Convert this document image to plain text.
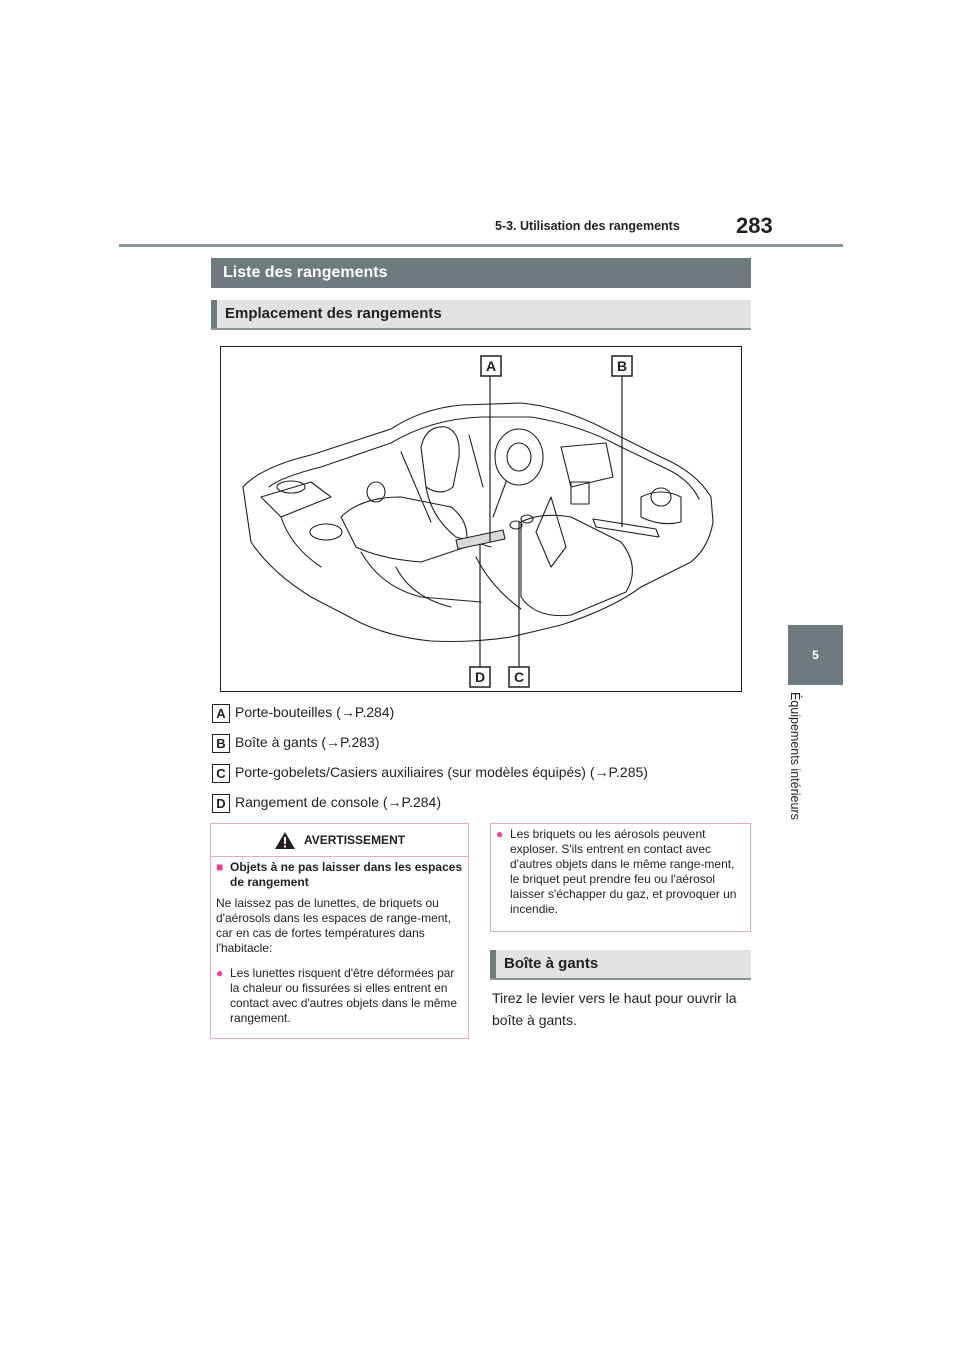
5-3. Utilisation des rangements	283
5
Équipements intérieurs
Liste des rangements
Emplacement des rangements
A	B
C
D
A Porte-bouteilles (→P.284)
B Boîte à gants (→P.283)
C Porte-gobelets/Casiers auxiliaires (sur modèles équipés) (→P.285)
D Rangement de console (→P.284)
AVERTISSEMENT
■ Objets à ne pas laisser dans les espaces de rangement
Ne laissez pas de lunettes, de briquets ou d'aérosols dans les espaces de range-ment, car en cas de fortes températures dans l'habitacle:
● Les lunettes risquent d'être déformées par la chaleur ou fissurées si elles entrent en contact avec d'autres objets dans le même rangement.
● Les briquets ou les aérosols peuvent exploser. S'ils entrent en contact avec d'autres objets dans le même range-ment, le briquet peut prendre feu ou l'aérosol laisser s'échapper du gaz, et provoquer un incendie.
Boîte à gants
Tirez le levier vers le haut pour ouvrir la boîte à gants.
